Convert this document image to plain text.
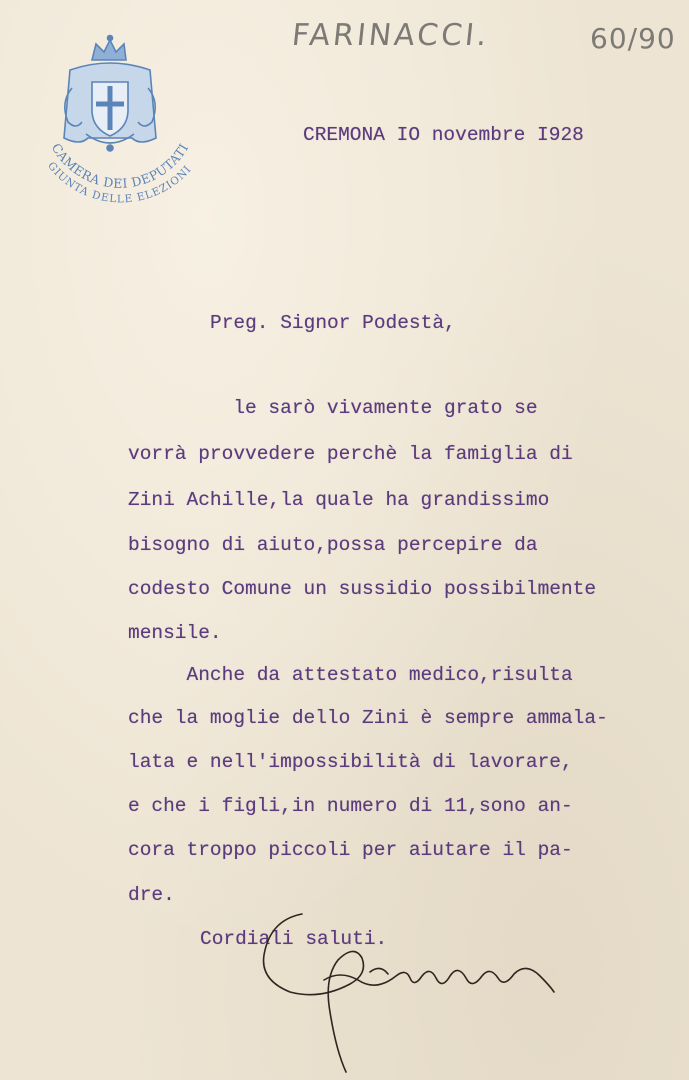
FARINACCI.	60/90
CAMERA DEI DEPUTATI
GIUNTA DELLE ELEZIONI
CREMONA IO novembre I928
Preg. Signor Podestà,
le sarò vivamente grato se
vorrà provvedere perchè la famiglia di
Zini Achille,la quale ha grandissimo
bisogno di aiuto,possa percepire da
codesto Comune un sussidio possibilmente
mensile.
Anche da attestato medico,risulta
che la moglie dello Zini è sempre ammala-
lata e nell'impossibilità di lavorare,
e che i figli,in numero di 11,sono an-
cora troppo piccoli per aiutare il pa-
dre.
Cordiali saluti.
